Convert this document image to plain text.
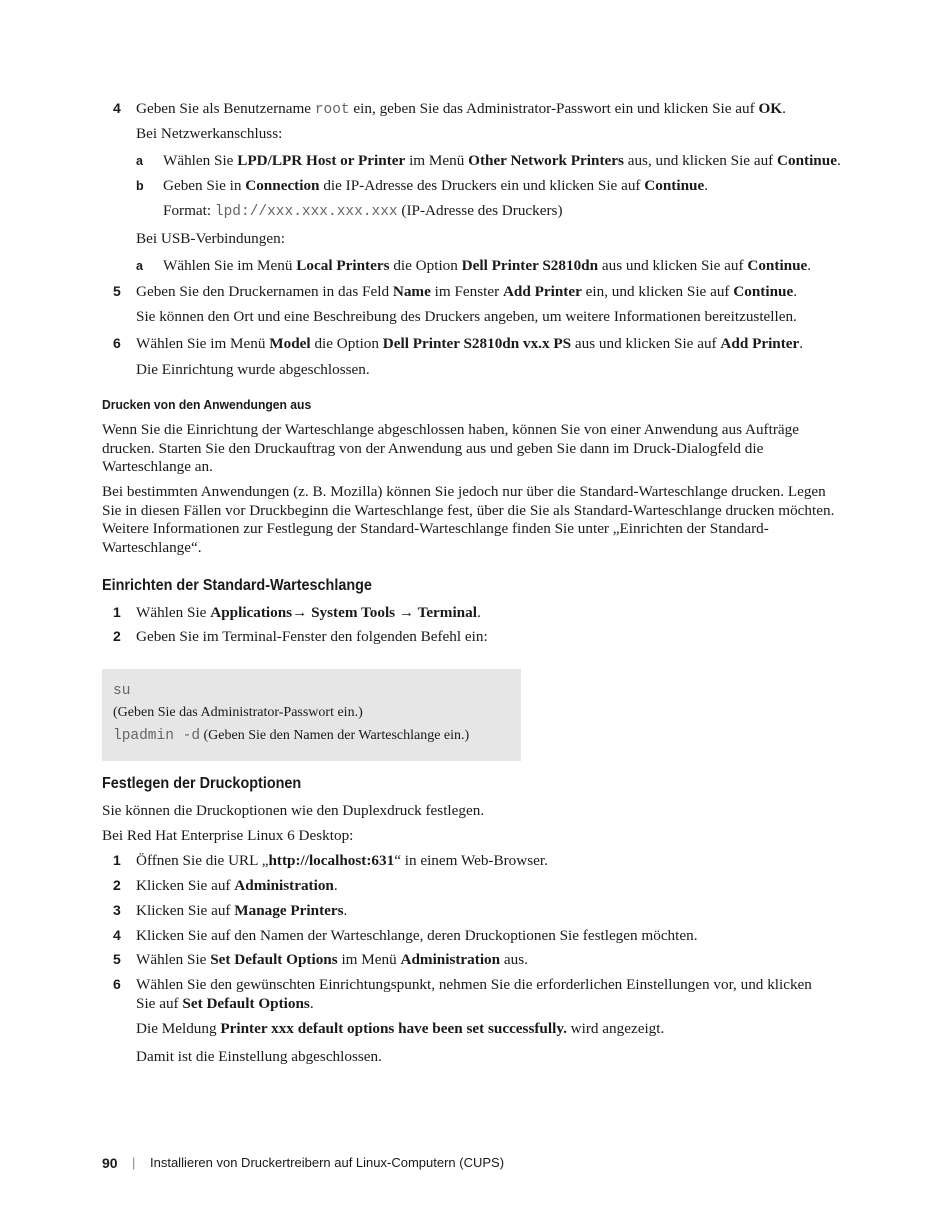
4 Geben Sie als Benutzername root ein, geben Sie das Administrator-Passwort ein und klicken Sie auf OK.
Bei Netzwerkanschluss:
a Wählen Sie LPD/LPR Host or Printer im Menü Other Network Printers aus, und klicken Sie auf Continue.
b Geben Sie in Connection die IP-Adresse des Druckers ein und klicken Sie auf Continue.
Format: lpd://xxx.xxx.xxx.xxx (IP-Adresse des Druckers)
Bei USB-Verbindungen:
a Wählen Sie im Menü Local Printers die Option Dell Printer S2810dn aus und klicken Sie auf Continue.
5 Geben Sie den Druckernamen in das Feld Name im Fenster Add Printer ein, und klicken Sie auf Continue.
Sie können den Ort und eine Beschreibung des Druckers angeben, um weitere Informationen bereitzustellen.
6 Wählen Sie im Menü Model die Option Dell Printer S2810dn vx.x PS aus und klicken Sie auf Add Printer.
Die Einrichtung wurde abgeschlossen.
Drucken von den Anwendungen aus
Wenn Sie die Einrichtung der Warteschlange abgeschlossen haben, können Sie von einer Anwendung aus Aufträge drucken. Starten Sie den Druckauftrag von der Anwendung aus und geben Sie dann im Druck-Dialogfeld die Warteschlange an.
Bei bestimmten Anwendungen (z. B. Mozilla) können Sie jedoch nur über die Standard-Warteschlange drucken. Legen Sie in diesen Fällen vor Druckbeginn die Warteschlange fest, über die Sie als Standard-Warteschlange drucken möchten. Weitere Informationen zur Festlegung der Standard-Warteschlange finden Sie unter „Einrichten der Standard-Warteschlange“.
Einrichten der Standard-Warteschlange
1 Wählen Sie Applications→ System Tools → Terminal.
2 Geben Sie im Terminal-Fenster den folgenden Befehl ein:
su
(Geben Sie das Administrator-Passwort ein.)
lpadmin -d (Geben Sie den Namen der Warteschlange ein.)
Festlegen der Druckoptionen
Sie können die Druckoptionen wie den Duplexdruck festlegen.
Bei Red Hat Enterprise Linux 6 Desktop:
1 Öffnen Sie die URL „http://localhost:631“ in einem Web-Browser.
2 Klicken Sie auf Administration.
3 Klicken Sie auf Manage Printers.
4 Klicken Sie auf den Namen der Warteschlange, deren Druckoptionen Sie festlegen möchten.
5 Wählen Sie Set Default Options im Menü Administration aus.
6 Wählen Sie den gewünschten Einrichtungspunkt, nehmen Sie die erforderlichen Einstellungen vor, und klicken
Sie auf Set Default Options.
Die Meldung Printer xxx default options have been set successfully. wird angezeigt.
Damit ist die Einstellung abgeschlossen.
90 | Installieren von Druckertreibern auf Linux-Computern (CUPS)
